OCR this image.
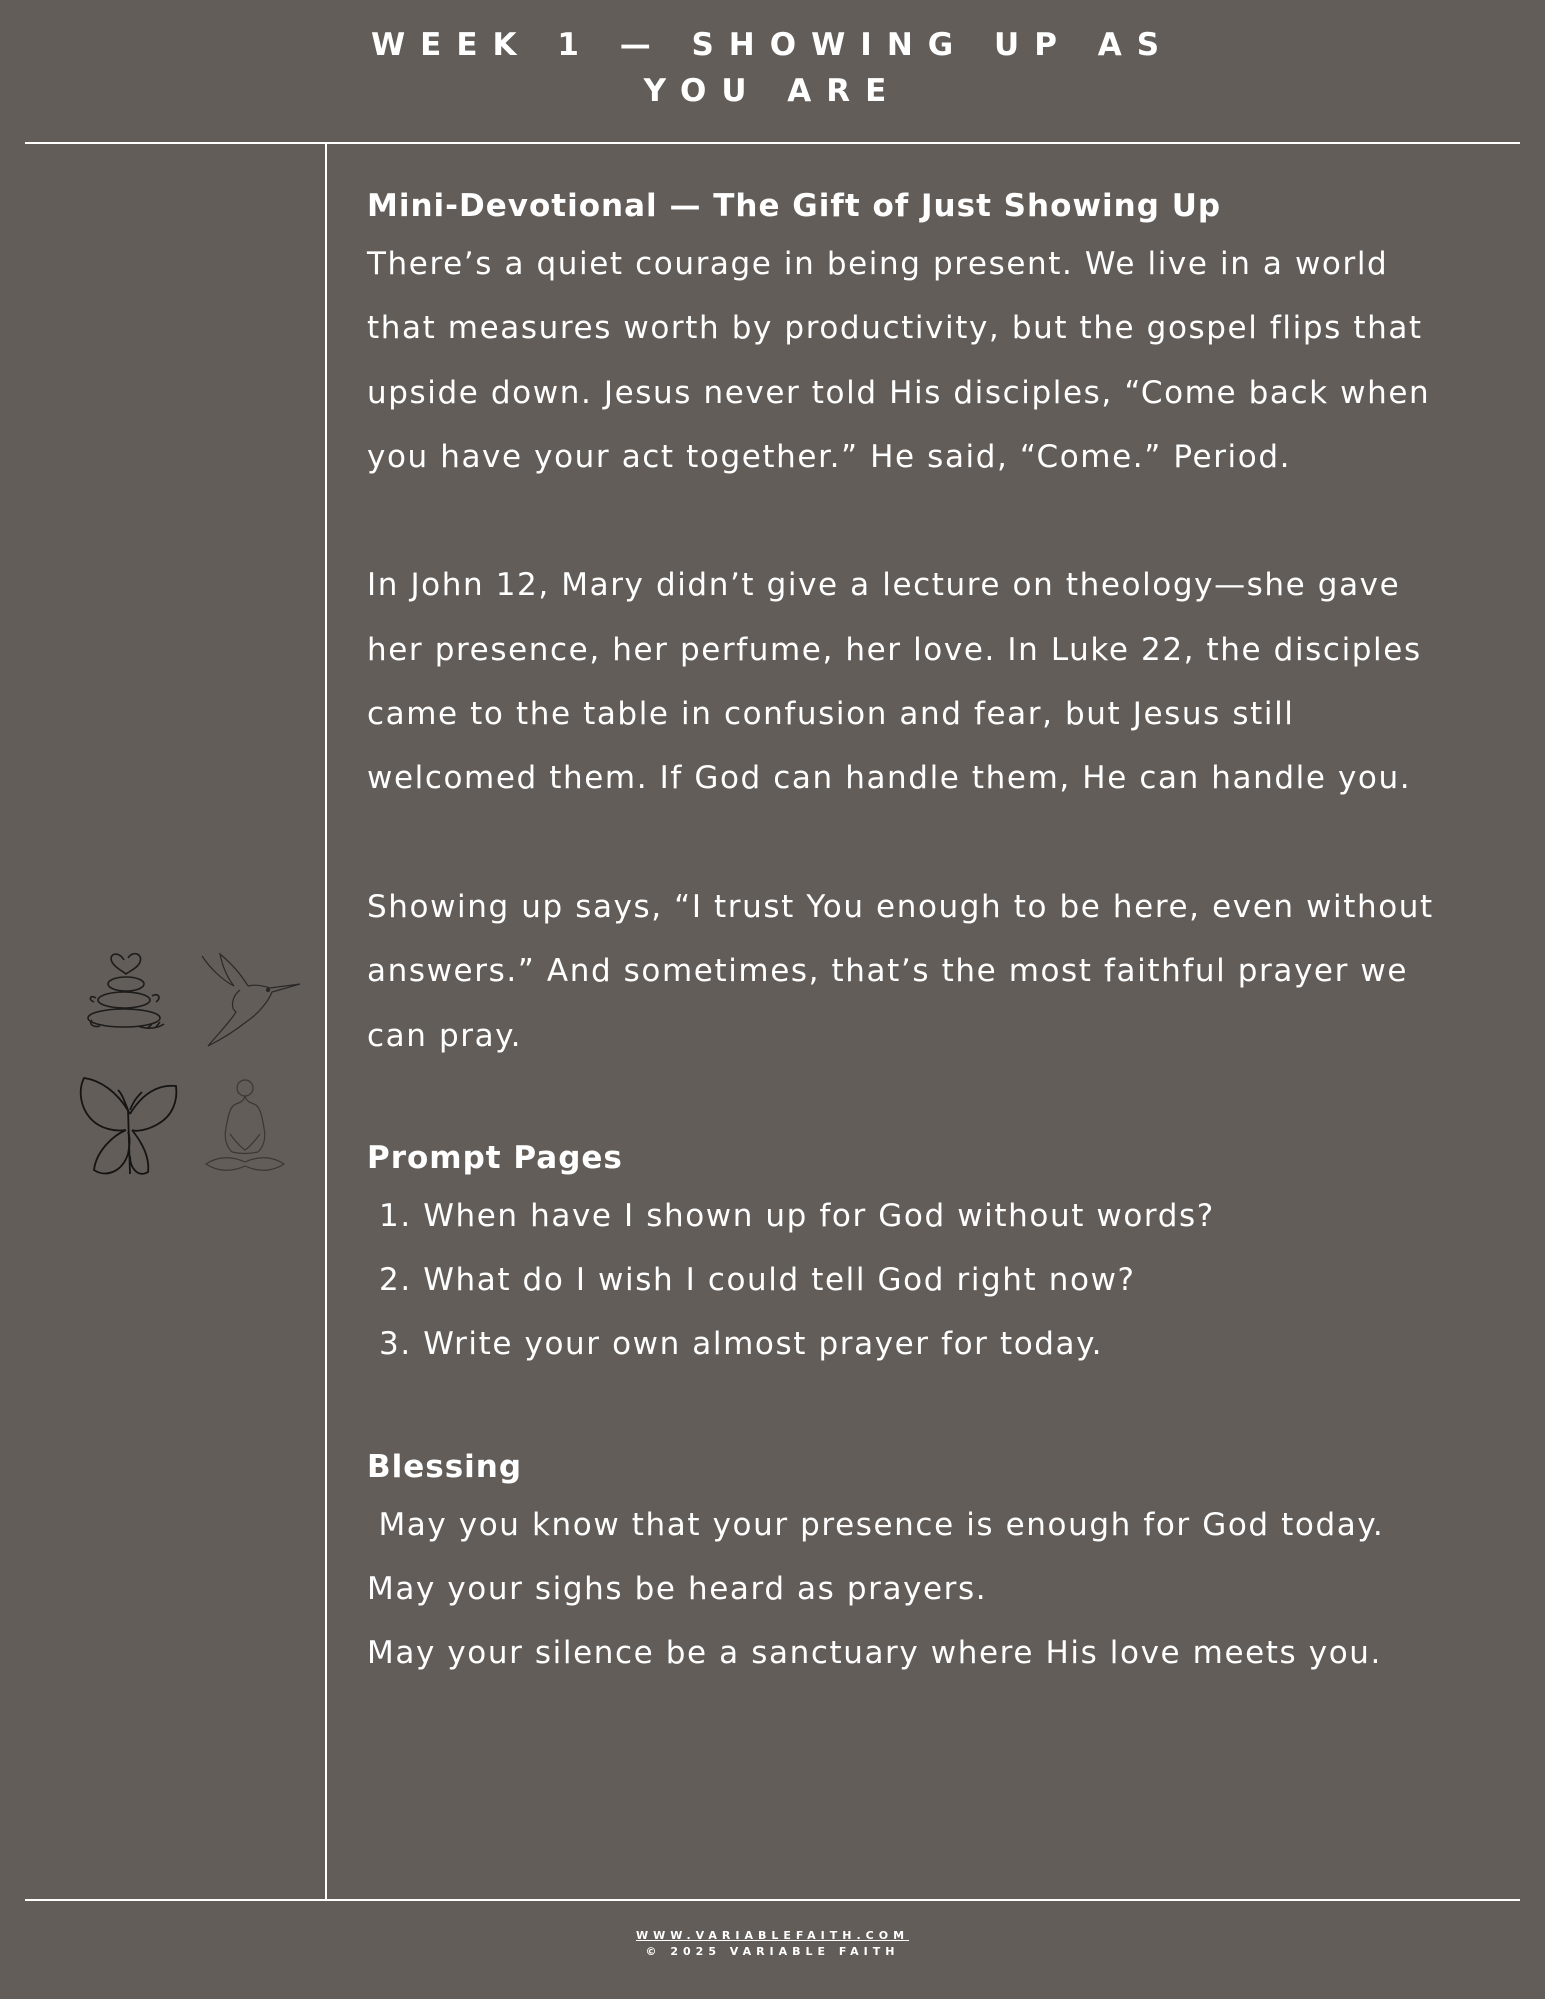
WEEK 1 — SHOWING UP AS
YOU ARE
Mini-Devotional — The Gift of Just Showing Up

There’s a quiet courage in being present. We live in a world
that measures worth by productivity, but the gospel flips that
upside down. Jesus never told His disciples, “Come back when
you have your act together.” He said, “Come.” Period.

In John 12, Mary didn’t give a lecture on theology—she gave
her presence, her perfume, her love. In Luke 22, the disciples
came to the table in confusion and fear, but Jesus still
welcomed them. If God can handle them, He can handle you.

Showing up says, “I trust You enough to be here, even without
answers.” And sometimes, that’s the most faithful prayer we
can pray.

Prompt Pages
1. When have I shown up for God without words?
2. What do I wish I could tell God right now?
3. Write your own almost prayer for today.
Blessing

May you know that your presence is enough for God today.

May your sighs be heard as prayers.

May your silence be a sanctuary where His love meets you.

WWW.VARIABLEFAITH.COM
© 2025 VARIABLE FAITH
